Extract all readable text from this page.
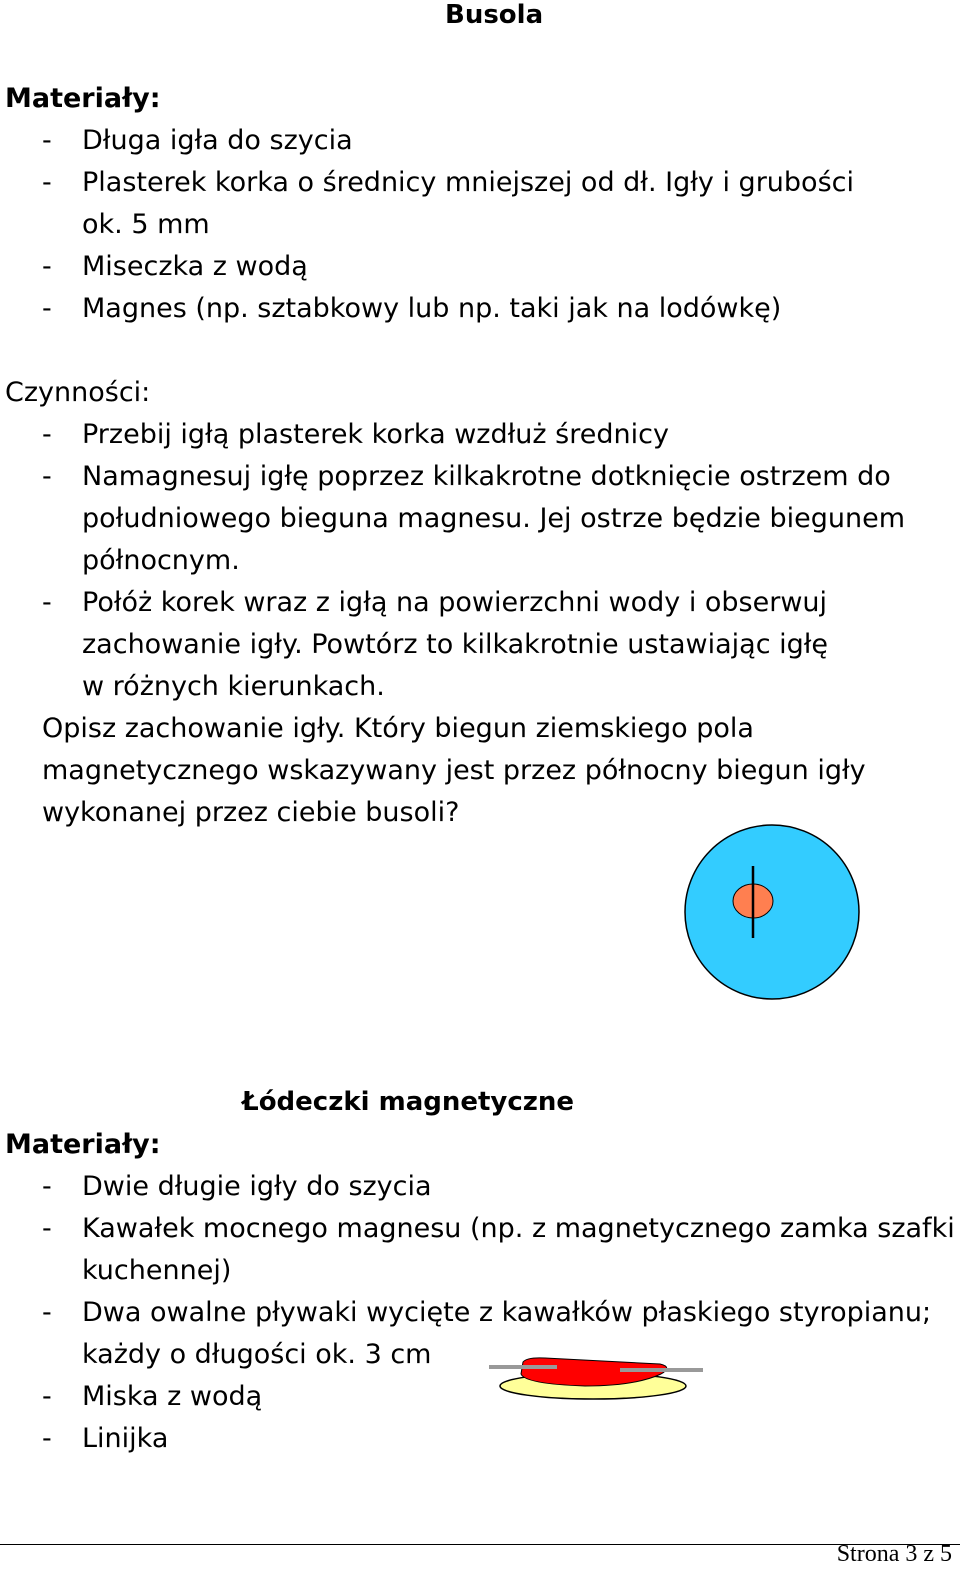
Busola
Materiały:
- Długa igła do szycia
- Plasterek korka o średnicy mniejszej od dł. Igły i grubości
ok. 5 mm
- Miseczka z wodą
- Magnes (np. sztabkowy lub np. taki jak na lodówkę)
Czynności:
- Przebij igłą plasterek korka wzdłuż średnicy
- Namagnesuj igłę poprzez kilkakrotne dotknięcie ostrzem do
południowego bieguna magnesu. Jej ostrze będzie biegunem
północnym.
- Połóż korek wraz z igłą na powierzchni wody i obserwuj
zachowanie igły. Powtórz to kilkakrotnie ustawiając igłę
w różnych kierunkach.
Opisz zachowanie igły. Który biegun ziemskiego pola
magnetycznego wskazywany jest przez północny biegun igły
wykonanej przez ciebie busoli?
Łódeczki magnetyczne
Materiały:
- Dwie długie igły do szycia
- Kawałek mocnego magnesu (np. z magnetycznego zamka szafki
kuchennej)
- Dwa owalne pływaki wycięte z kawałków płaskiego styropianu;
każdy o długości ok. 3 cm
- Miska z wodą
- Linijka
Strona 3 z 5
